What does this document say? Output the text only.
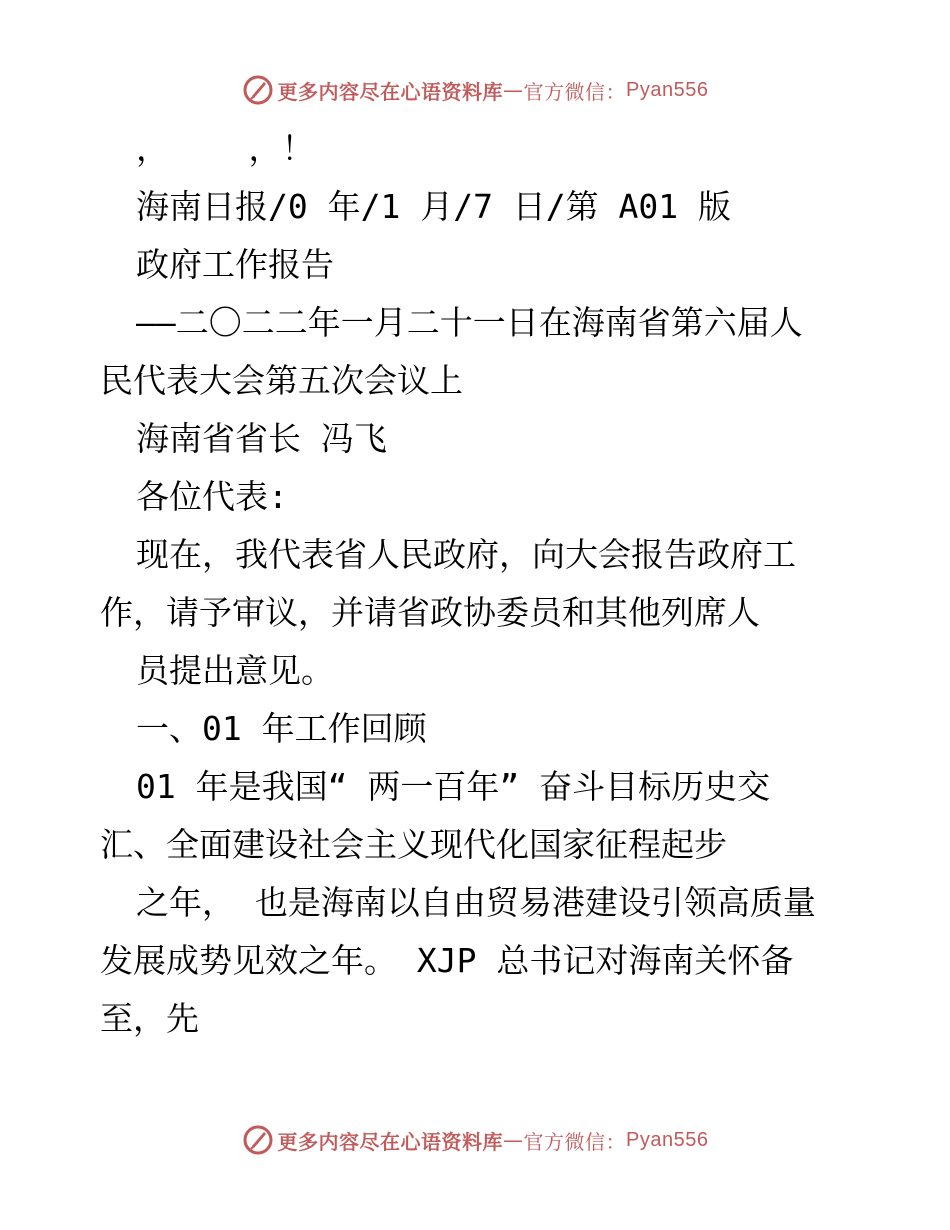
更多内容尽在心语资料库 — 官方微信： Pyan556
，    ，！
海南日报/0 年/1 月/7 日/第 A01 版
政府工作报告
——二〇二二年一月二十一日在海南省第六届人
民代表大会第五次会议上
海南省省长 冯飞
各位代表:
现在，我代表省人民政府，向大会报告政府工
作，请予审议，并请省政协委员和其他列席人
员提出意见。
一、01 年工作回顾
01 年是我国“ 两一百年” 奋斗目标历史交
汇、全面建设社会主义现代化国家征程起步
之年， 也是海南以自由贸易港建设引领高质量
发展成势见效之年。 XJP 总书记对海南关怀备
至，先
更多内容尽在心语资料库 — 官方微信： Pyan556
